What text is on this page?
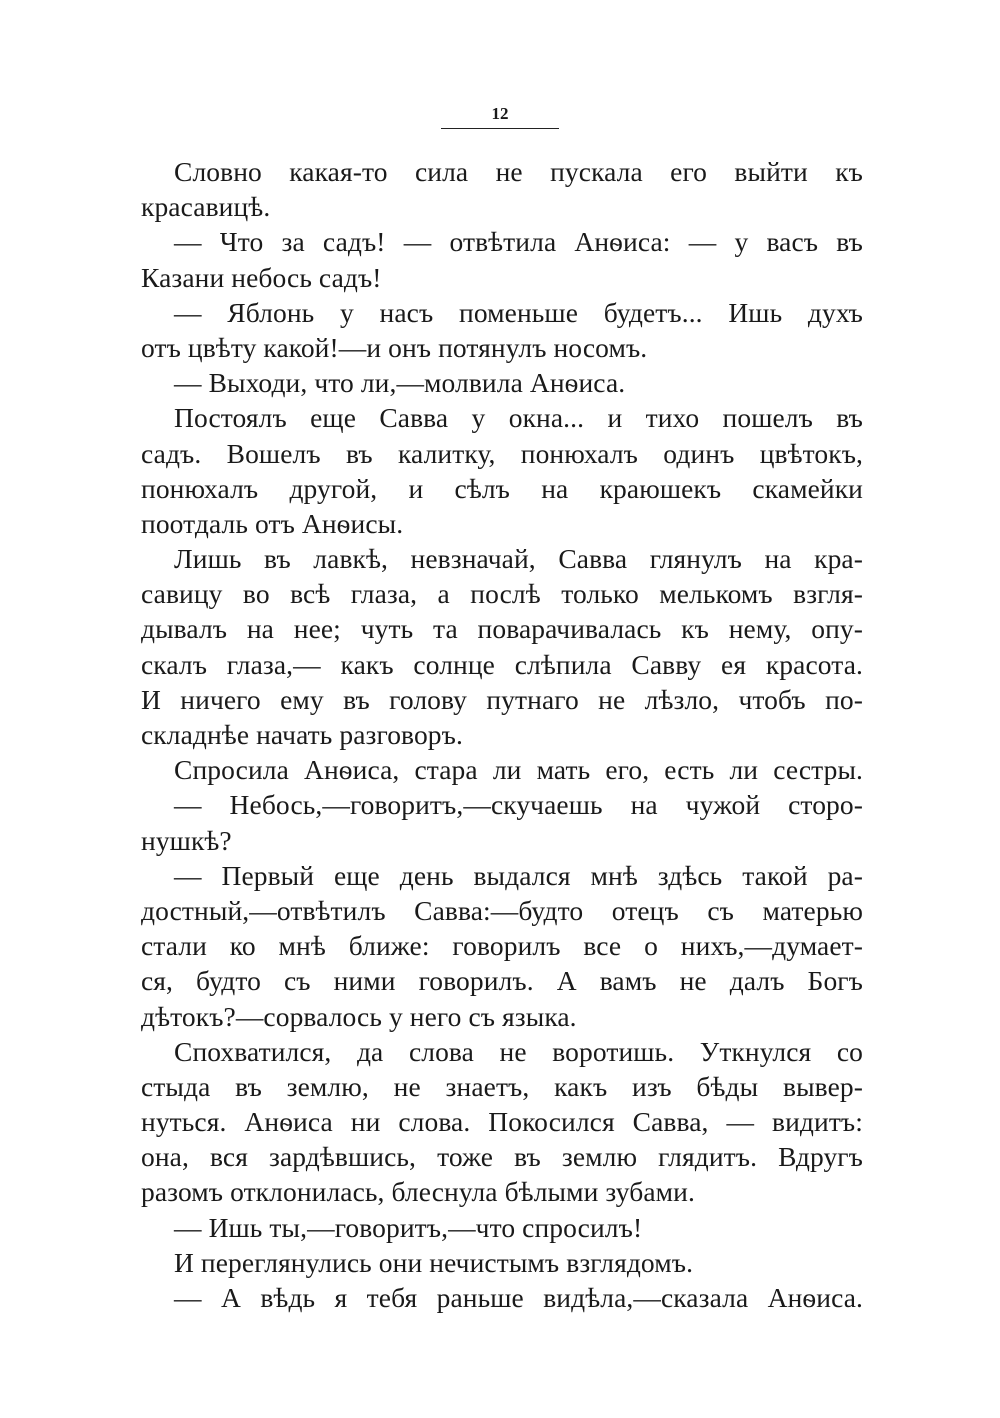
12
Словно какая-то сила не пускала его выйти къ
красавицѣ.
— Что за садъ! — отвѣтила Анѳиса: — у васъ въ
Казани небось садъ!
— Яблонь у насъ поменьше будетъ... Ишь духъ
отъ цвѣту какой!—и онъ потянулъ носомъ.
— Выходи, что ли,—молвила Анѳиса.
Постоялъ еще Савва у окна... и тихо пошелъ въ
садъ. Вошелъ въ калитку, понюхалъ одинъ цвѣтокъ,
понюхалъ другой, и сѣлъ на краюшекъ скамейки
поотдаль отъ Анѳисы.
Лишь въ лавкѣ, невзначай, Савва глянулъ на кра-
савицу во всѣ глаза, а послѣ только мелькомъ взгля-
дывалъ на нее; чуть та поварачивалась къ нему, опу-
скалъ глаза,— какъ солнце слѣпила Савву ея красота.
И ничего ему въ голову путнаго не лѣзло, чтобъ по-
складнѣе начать разговоръ.
Спросила Анѳиса, стара ли мать его, есть ли сестры.
— Небось,—говоритъ,—скучаешь на чужой сторо-
нушкѣ?
— Первый еще день выдался мнѣ здѣсь такой ра-
достный,—отвѣтилъ Савва:—будто отецъ съ матерью
стали ко мнѣ ближе: говорилъ все о нихъ,—думает-
ся, будто съ ними говорилъ. А вамъ не далъ Богъ
дѣтокъ?—сорвалось у него съ языка.
Спохватился, да слова не воротишь. Уткнулся со
стыда въ землю, не знаетъ, какъ изъ бѣды вывер-
нуться. Анѳиса ни слова. Покосился Савва, — видитъ:
она, вся зардѣвшись, тоже въ землю глядитъ. Вдругъ
разомъ отклонилась, блеснула бѣлыми зубами.
— Ишь ты,—говоритъ,—что спросилъ!
И переглянулись они нечистымъ взглядомъ.
— А вѣдь я тебя раньше видѣла,—сказала Анѳиса.
